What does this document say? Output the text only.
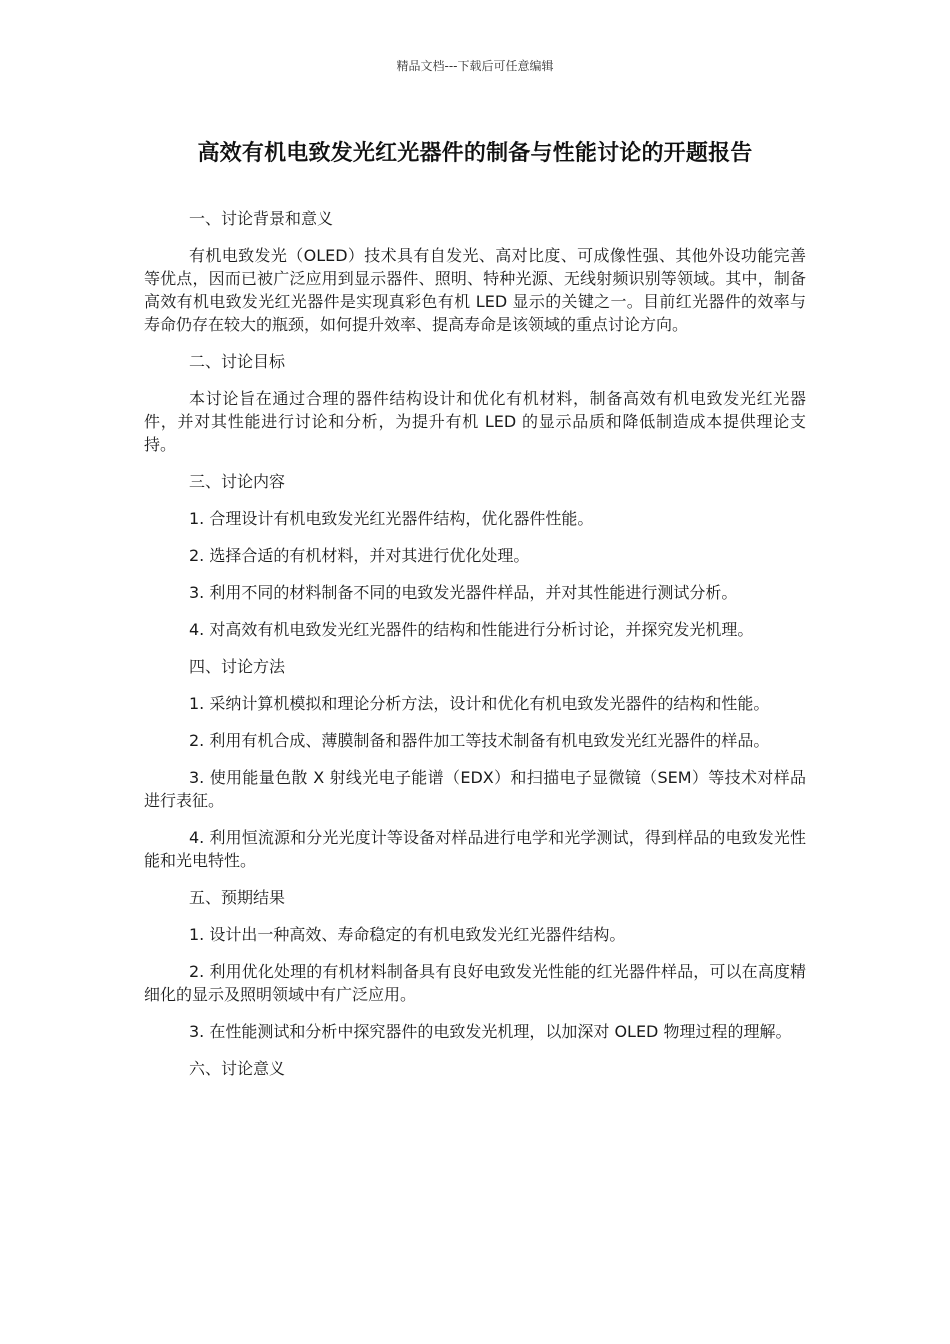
精品文档---下载后可任意编辑
高效有机电致发光红光器件的制备与性能讨论的开题报告
一、讨论背景和意义
有机电致发光（OLED）技术具有自发光、高对比度、可成像性强、其他外设功能完善等优点，因而已被广泛应用到显示器件、照明、特种光源、无线射频识别等领域。其中，制备高效有机电致发光红光器件是实现真彩色有机 LED 显示的关键之一。目前红光器件的效率与寿命仍存在较大的瓶颈，如何提升效率、提高寿命是该领域的重点讨论方向。
二、讨论目标
本讨论旨在通过合理的器件结构设计和优化有机材料，制备高效有机电致发光红光器件，并对其性能进行讨论和分析，为提升有机 LED 的显示品质和降低制造成本提供理论支持。
三、讨论内容
1. 合理设计有机电致发光红光器件结构，优化器件性能。
2. 选择合适的有机材料，并对其进行优化处理。
3. 利用不同的材料制备不同的电致发光器件样品，并对其性能进行测试分析。
4. 对高效有机电致发光红光器件的结构和性能进行分析讨论，并探究发光机理。
四、讨论方法
1. 采纳计算机模拟和理论分析方法，设计和优化有机电致发光器件的结构和性能。
2. 利用有机合成、薄膜制备和器件加工等技术制备有机电致发光红光器件的样品。
3. 使用能量色散 X 射线光电子能谱（EDX）和扫描电子显微镜（SEM）等技术对样品进行表征。
4. 利用恒流源和分光光度计等设备对样品进行电学和光学测试，得到样品的电致发光性能和光电特性。
五、预期结果
1. 设计出一种高效、寿命稳定的有机电致发光红光器件结构。
2. 利用优化处理的有机材料制备具有良好电致发光性能的红光器件样品，可以在高度精细化的显示及照明领域中有广泛应用。
3. 在性能测试和分析中探究器件的电致发光机理，以加深对 OLED 物理过程的理解。
六、讨论意义
